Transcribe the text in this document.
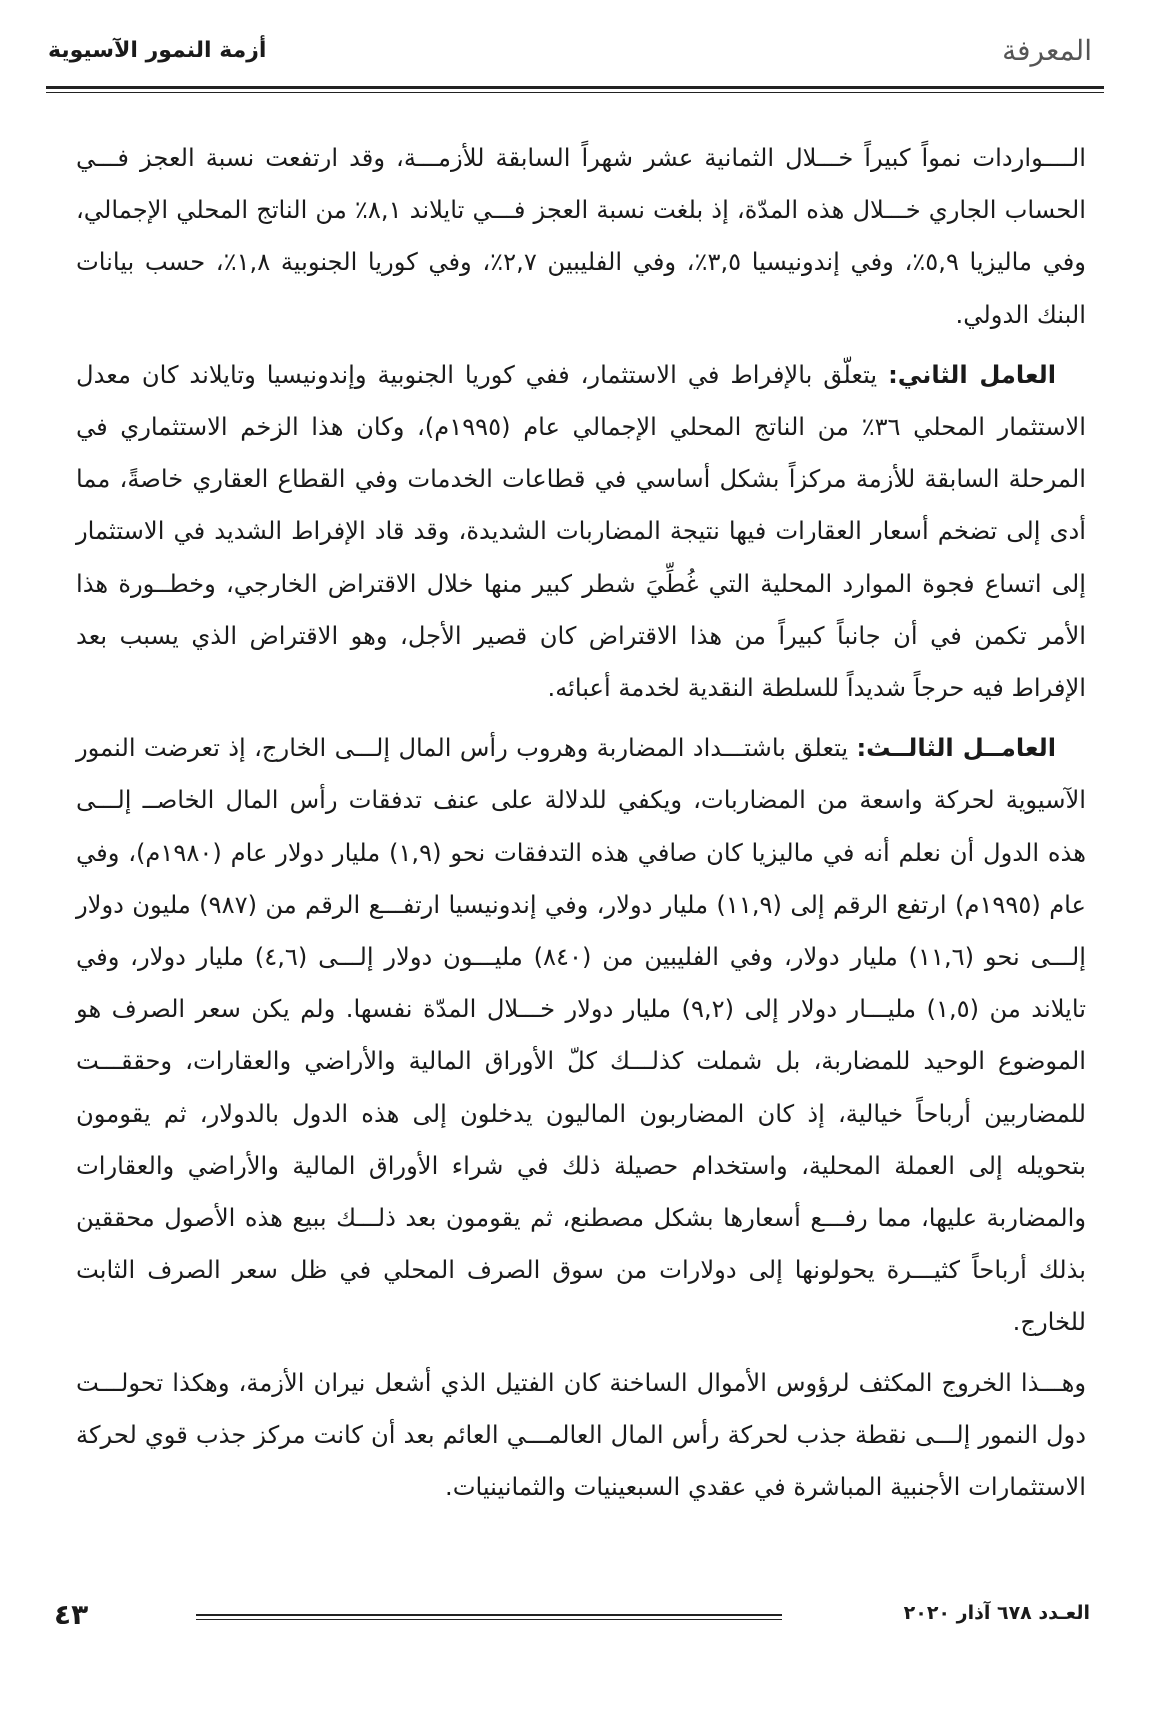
أزمة النمور الآسيوية	المعرفة

الــــواردات نمواً كبيراً خـــلال الثمانية عشر شهراً السابقة للأزمـــة، وقد ارتفعت نسبة العجز فـــي الحساب الجاري خـــلال هذه المدّة، إذ بلغت نسبة العجز فـــي تايلاند ٨,١٪ من الناتج المحلي الإجمالي، وفي ماليزيا ٥,٩٪، وفي إندونيسيا ٣,٥٪، وفي الفليبين ٢,٧٪، وفي كوريا الجنوبية ١,٨٪، حسب بيانات البنك الدولي.

العامل الثاني: يتعلّق بالإفراط في الاستثمار، ففي كوريا الجنوبية وإندونيسيا وتايلاند كان معدل الاستثمار المحلي ٣٦٪ من الناتج المحلي الإجمالي عام (١٩٩٥م)، وكان هذا الزخم الاستثماري في المرحلة السابقة للأزمة مركزاً بشكل أساسي في قطاعات الخدمات وفي القطاع العقاري خاصةً، مما أدى إلى تضخم أسعار العقارات فيها نتيجة المضاربات الشديدة، وقد قاد الإفراط الشديد في الاستثمار إلى اتساع فجوة الموارد المحلية التي غُطِّيَ شطر كبير منها خلال الاقتراض الخارجي، وخطــورة هذا الأمر تكمن في أن جانباً كبيراً من هذا الاقتراض كان قصير الأجل، وهو الاقتراض الذي يسبب بعد الإفراط فيه حرجاً شديداً للسلطة النقدية لخدمة أعبائه.

العامــل الثالــث: يتعلق باشتـــداد المضاربة وهروب رأس المال إلـــى الخارج، إذ تعرضت النمور الآسيوية لحركة واسعة من المضاربات، ويكفي للدلالة على عنف تدفقات رأس المال الخاصــ إلـــى هذه الدول أن نعلم أنه في ماليزيا كان صافي هذه التدفقات نحو (١,٩) مليار دولار عام (١٩٨٠م)، وفي عام (١٩٩٥م) ارتفع الرقم إلى (١١,٩) مليار دولار، وفي إندونيسيا ارتفـــع الرقم من (٩٨٧) مليون دولار إلـــى نحو (١١,٦) مليار دولار، وفي الفليبين من (٨٤٠) مليـــون دولار إلـــى (٤,٦) مليار دولار، وفي تايلاند من (١,٥) مليـــار دولار إلى (٩,٢) مليار دولار خـــلال المدّة نفسها. ولم يكن سعر الصرف هو الموضوع الوحيد للمضاربة، بل شملت كذلـــك كلّ الأوراق المالية والأراضي والعقارات، وحققـــت للمضاربين أرباحاً خيالية، إذ كان المضاربون الماليون يدخلون إلى هذه الدول بالدولار، ثم يقومون بتحويله إلى العملة المحلية، واستخدام حصيلة ذلك في شراء الأوراق المالية والأراضي والعقارات والمضاربة عليها، مما رفـــع أسعارها بشكل مصطنع، ثم يقومون بعد ذلـــك ببيع هذه الأصول محققين بذلك أرباحاً كثيـــرة يحولونها إلى دولارات من سوق الصرف المحلي في ظل سعر الصرف الثابت للخارج.

وهـــذا الخروج المكثف لرؤوس الأموال الساخنة كان الفتيل الذي أشعل نيران الأزمة، وهكذا تحولـــت دول النمور إلـــى نقطة جذب لحركة رأس المال العالمـــي العائم بعد أن كانت مركز جذب قوي لحركة الاستثمارات الأجنبية المباشرة في عقدي السبعينيات والثمانينيات.

٤٣	العـدد ٦٧٨ آذار ٢٠٢٠
